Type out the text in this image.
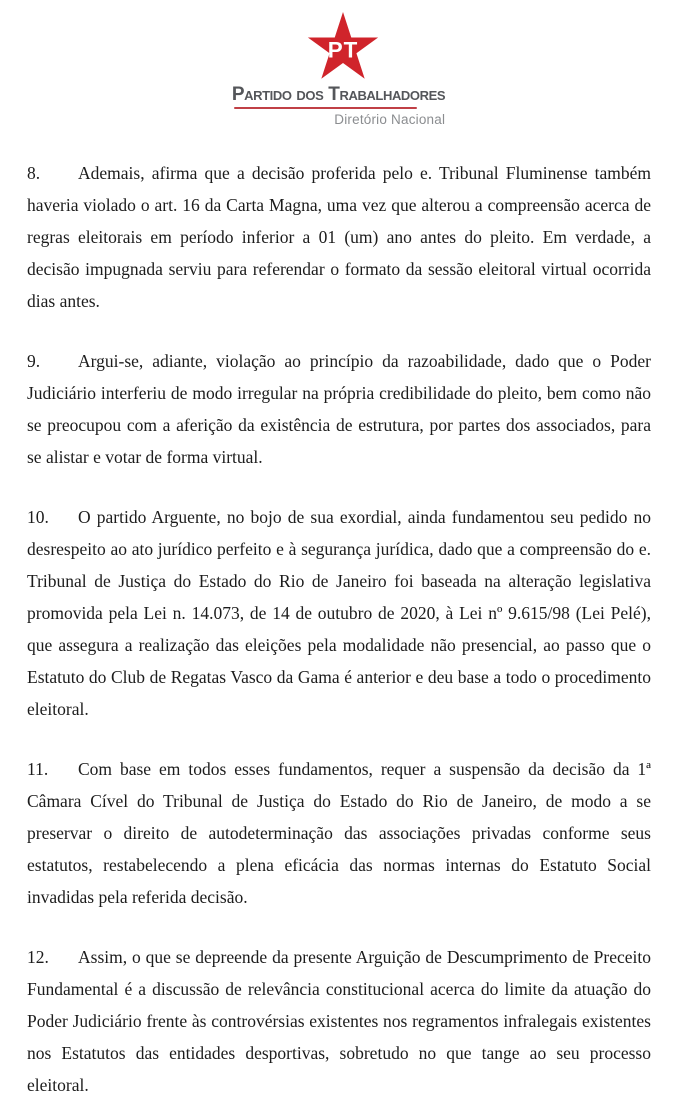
PT
Partido dos Trabalhadores
Diretório Nacional

8. Ademais, afirma que a decisão proferida pelo e. Tribunal Fluminense também haveria violado o art. 16 da Carta Magna, uma vez que alterou a compreensão acerca de regras eleitorais em período inferior a 01 (um) ano antes do pleito. Em verdade, a decisão impugnada serviu para referendar o formato da sessão eleitoral virtual ocorrida dias antes.

9. Argui-se, adiante, violação ao princípio da razoabilidade, dado que o Poder Judiciário interferiu de modo irregular na própria credibilidade do pleito, bem como não se preocupou com a aferição da existência de estrutura, por partes dos associados, para se alistar e votar de forma virtual.

10. O partido Arguente, no bojo de sua exordial, ainda fundamentou seu pedido no desrespeito ao ato jurídico perfeito e à segurança jurídica, dado que a compreensão do e. Tribunal de Justiça do Estado do Rio de Janeiro foi baseada na alteração legislativa promovida pela Lei n. 14.073, de 14 de outubro de 2020, à Lei nº 9.615/98 (Lei Pelé), que assegura a realização das eleições pela modalidade não presencial, ao passo que o Estatuto do Club de Regatas Vasco da Gama é anterior e deu base a todo o procedimento eleitoral.

11. Com base em todos esses fundamentos, requer a suspensão da decisão da 1ª Câmara Cível do Tribunal de Justiça do Estado do Rio de Janeiro, de modo a se preservar o direito de autodeterminação das associações privadas conforme seus estatutos, restabelecendo a plena eficácia das normas internas do Estatuto Social invadidas pela referida decisão.

12. Assim, o que se depreende da presente Arguição de Descumprimento de Preceito Fundamental é a discussão de relevância constitucional acerca do limite da atuação do Poder Judiciário frente às controvérsias existentes nos regramentos infralegais existentes nos Estatutos das entidades desportivas, sobretudo no que tange ao seu processo eleitoral.
